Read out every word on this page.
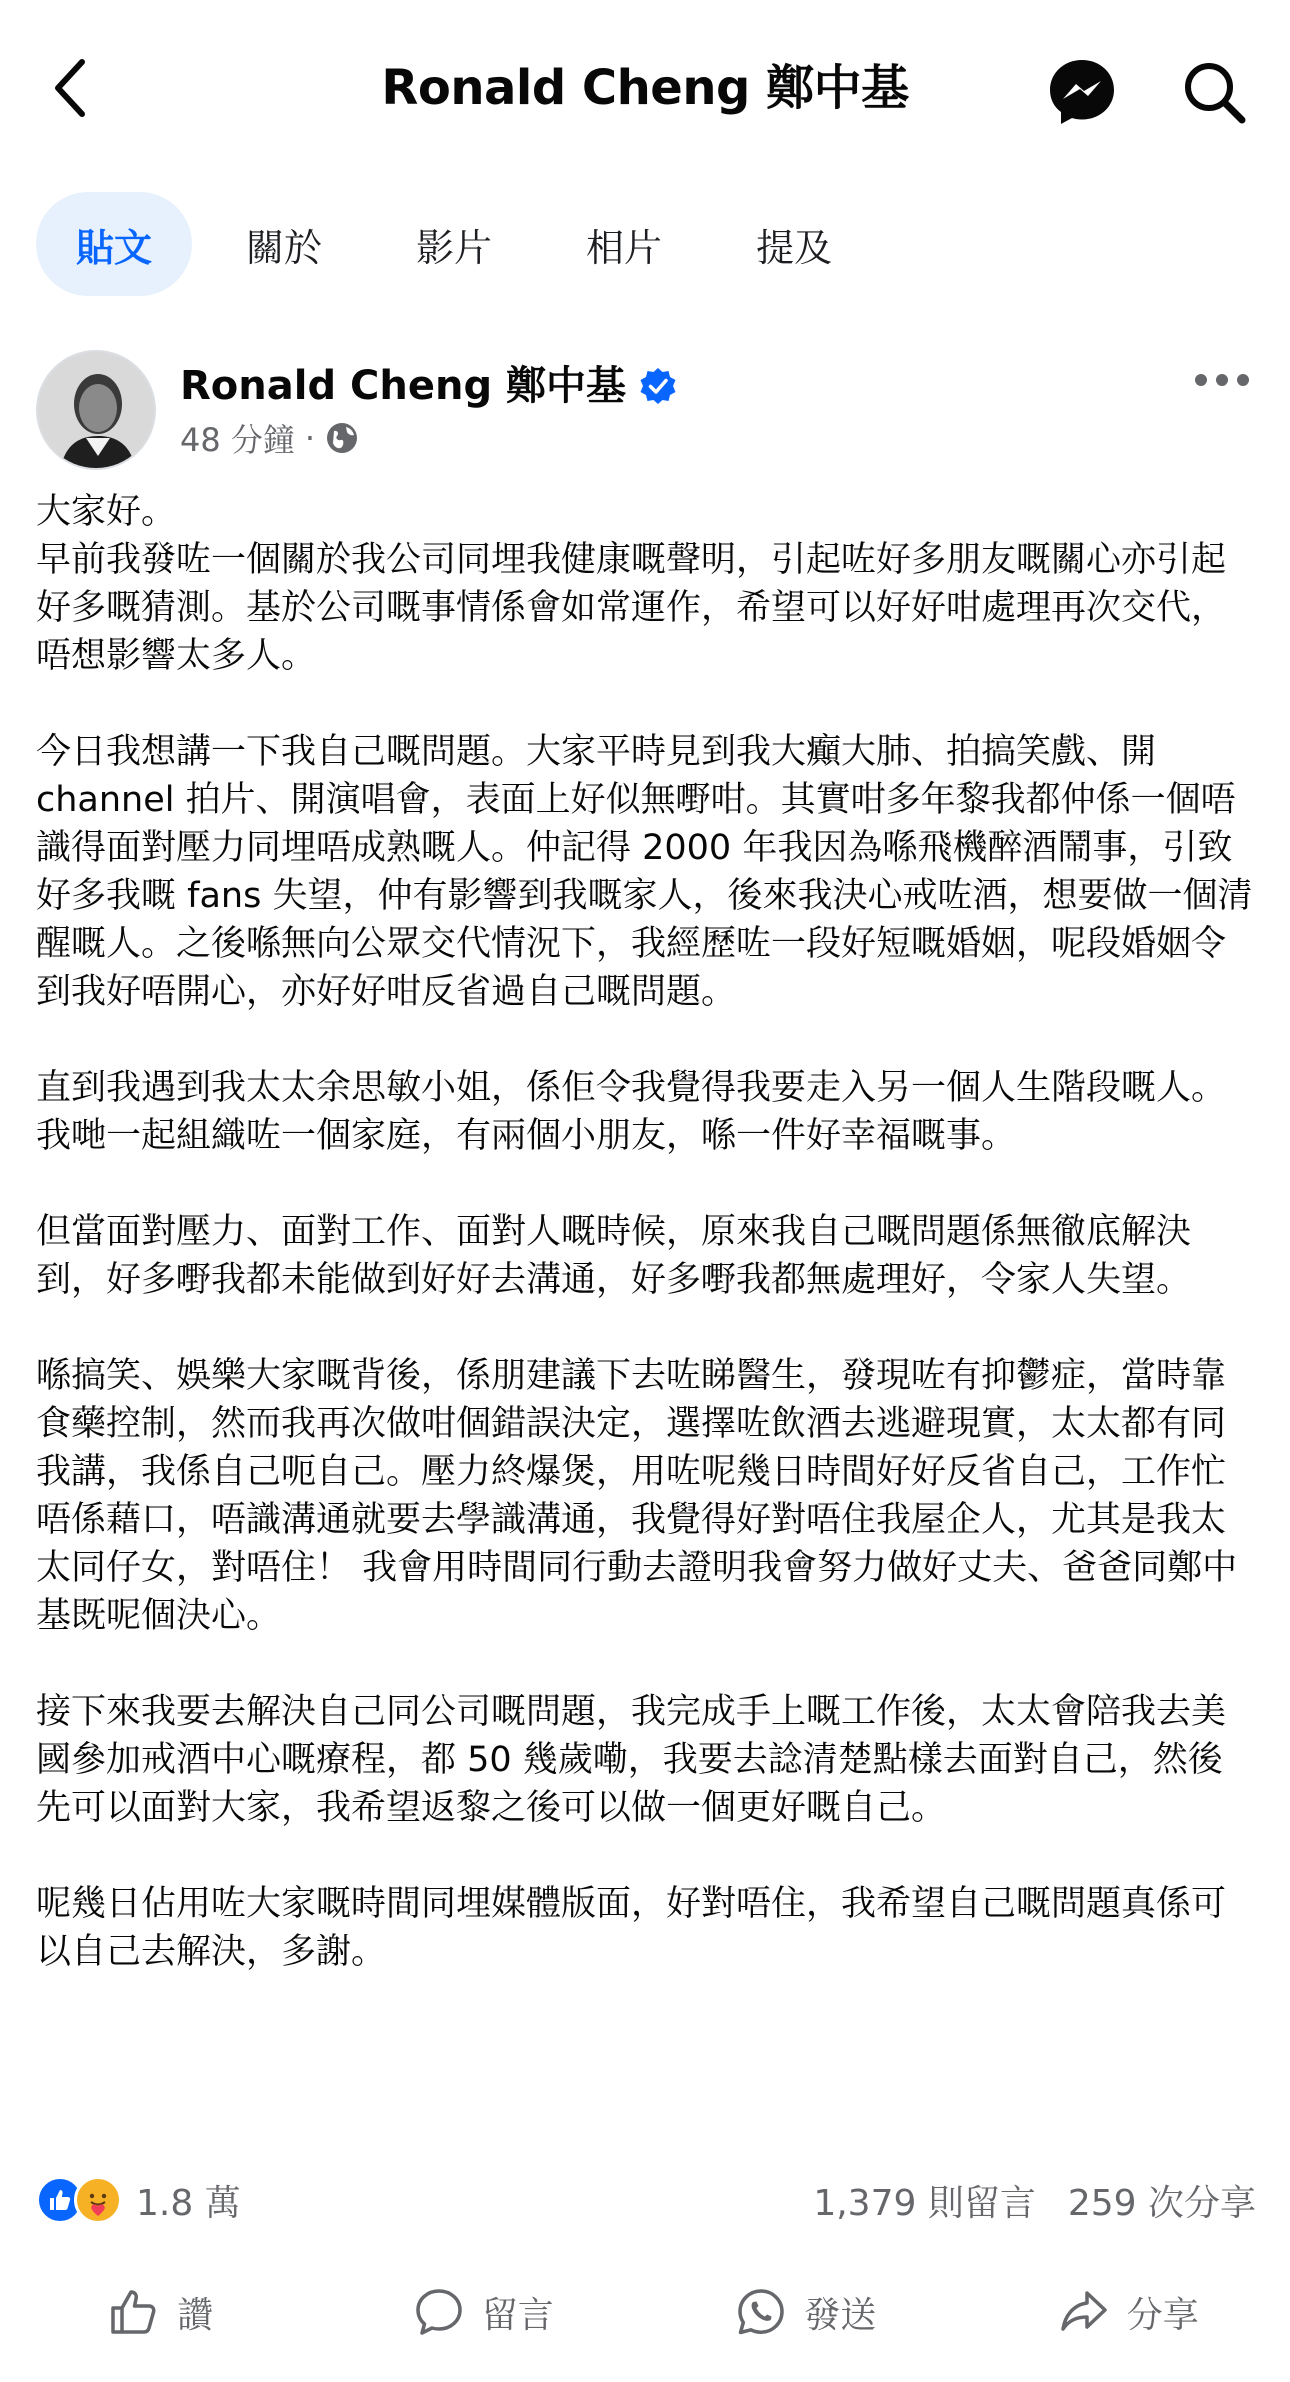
Ronald Cheng 鄭中基
貼文	關於	影片	相片	提及
Ronald Cheng 鄭中基
48 分鐘 ·

大家好。

早前我發咗一個關於我公司同埋我健康嘅聲明，引起咗好多朋友嘅關心亦引起好多嘅猜測。基於公司嘅事情係會如常運作，希望可以好好咁處理再次交代，唔想影響太多人。

今日我想講一下我自己嘅問題。大家平時見到我大癲大肺、拍搞笑戲、開 channel 拍片、開演唱會，表面上好似無嘢咁。其實咁多年黎我都仲係一個唔識得面對壓力同埋唔成熟嘅人。仲記得 2000 年我因為喺飛機醉酒鬧事，引致好多我嘅 fans 失望，仲有影響到我嘅家人，後來我決心戒咗酒，想要做一個清醒嘅人。之後喺無向公眾交代情況下，我經歷咗一段好短嘅婚姻，呢段婚姻令到我好唔開心，亦好好咁反省過自己嘅問題。

直到我遇到我太太余思敏小姐，係佢令我覺得我要走入另一個人生階段嘅人。我哋一起組織咗一個家庭，有兩個小朋友，喺一件好幸福嘅事。

但當面對壓力、面對工作、面對人嘅時候，原來我自己嘅問題係無徹底解決到，好多嘢我都未能做到好好去溝通，好多嘢我都無處理好，令家人失望。

喺搞笑、娛樂大家嘅背後，係朋建議下去咗睇醫生，發現咗有抑鬱症，當時靠食藥控制，然而我再次做咁個錯誤決定，選擇咗飲酒去逃避現實，太太都有同我講，我係自己呃自己。壓力終爆煲，用咗呢幾日時間好好反省自己，工作忙唔係藉口，唔識溝通就要去學識溝通，我覺得好對唔住我屋企人，尤其是我太太同仔女，對唔住！ 我會用時間同行動去證明我會努力做好丈夫、爸爸同鄭中基既呢個決心。

接下來我要去解決自己同公司嘅問題，我完成手上嘅工作後，太太會陪我去美國參加戒酒中心嘅療程，都 50 幾歲嘞，我要去諗清楚點樣去面對自己，然後先可以面對大家，我希望返黎之後可以做一個更好嘅自己。

呢幾日佔用咗大家嘅時間同埋媒體版面，好對唔住，我希望自己嘅問題真係可以自己去解決，多謝。

1.8 萬	1,379 則留言 259 次分享
讚	留言	發送	分享
